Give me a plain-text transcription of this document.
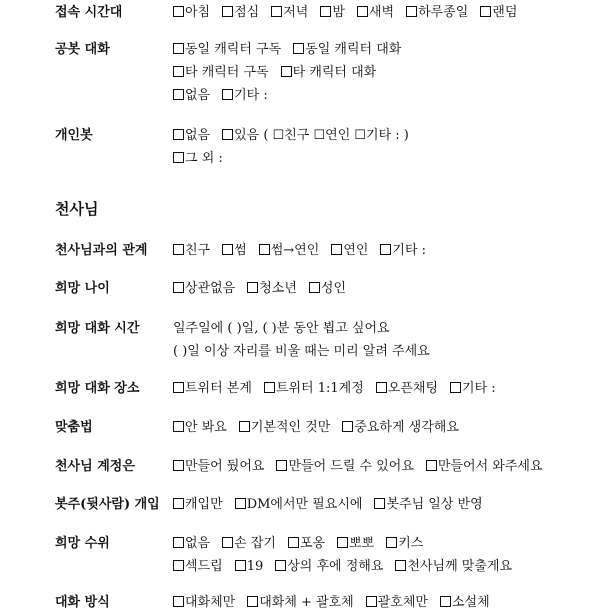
접속 시간대	아침 점심 저녁 밤 새벽 하루종일 랜덤
공봇 대화	동일 캐릭터 구독 동일 캐릭터 대화
타 캐릭터 구독 타 캐릭터 대화
없음 기타 :
개인봇	없음 있음 ( ☐친구 ☐연인 ☐기타 : )
그 외 :
천사님
천사님과의 관계	친구 썸 썸→연인 연인 기타 :
희망 나이	상관없음 청소년 성인
희망 대화 시간	일주일에 ( )일, ( )분 동안 뵙고 싶어요
( )일 이상 자리를 비울 때는 미리 알려 주세요
희망 대화 장소	트위터 본계 트위터 1:1계정 오픈채팅 기타 :
맞춤법	안 봐요 기본적인 것만 중요하게 생각해요
천사님 계정은	만들어 뒀어요 만들어 드릴 수 있어요 만들어서 와주세요
봇주(뒷사람) 개입	캐입만 DM에서만 필요시에 봇주님 일상 반영
희망 수위	없음 손 잡기 포옹 뽀뽀 키스
섹드립 19 상의 후에 정해요 천사님께 맞출게요
대화 방식	대화체만 대화체 + 괄호체 괄호체만 소설체
